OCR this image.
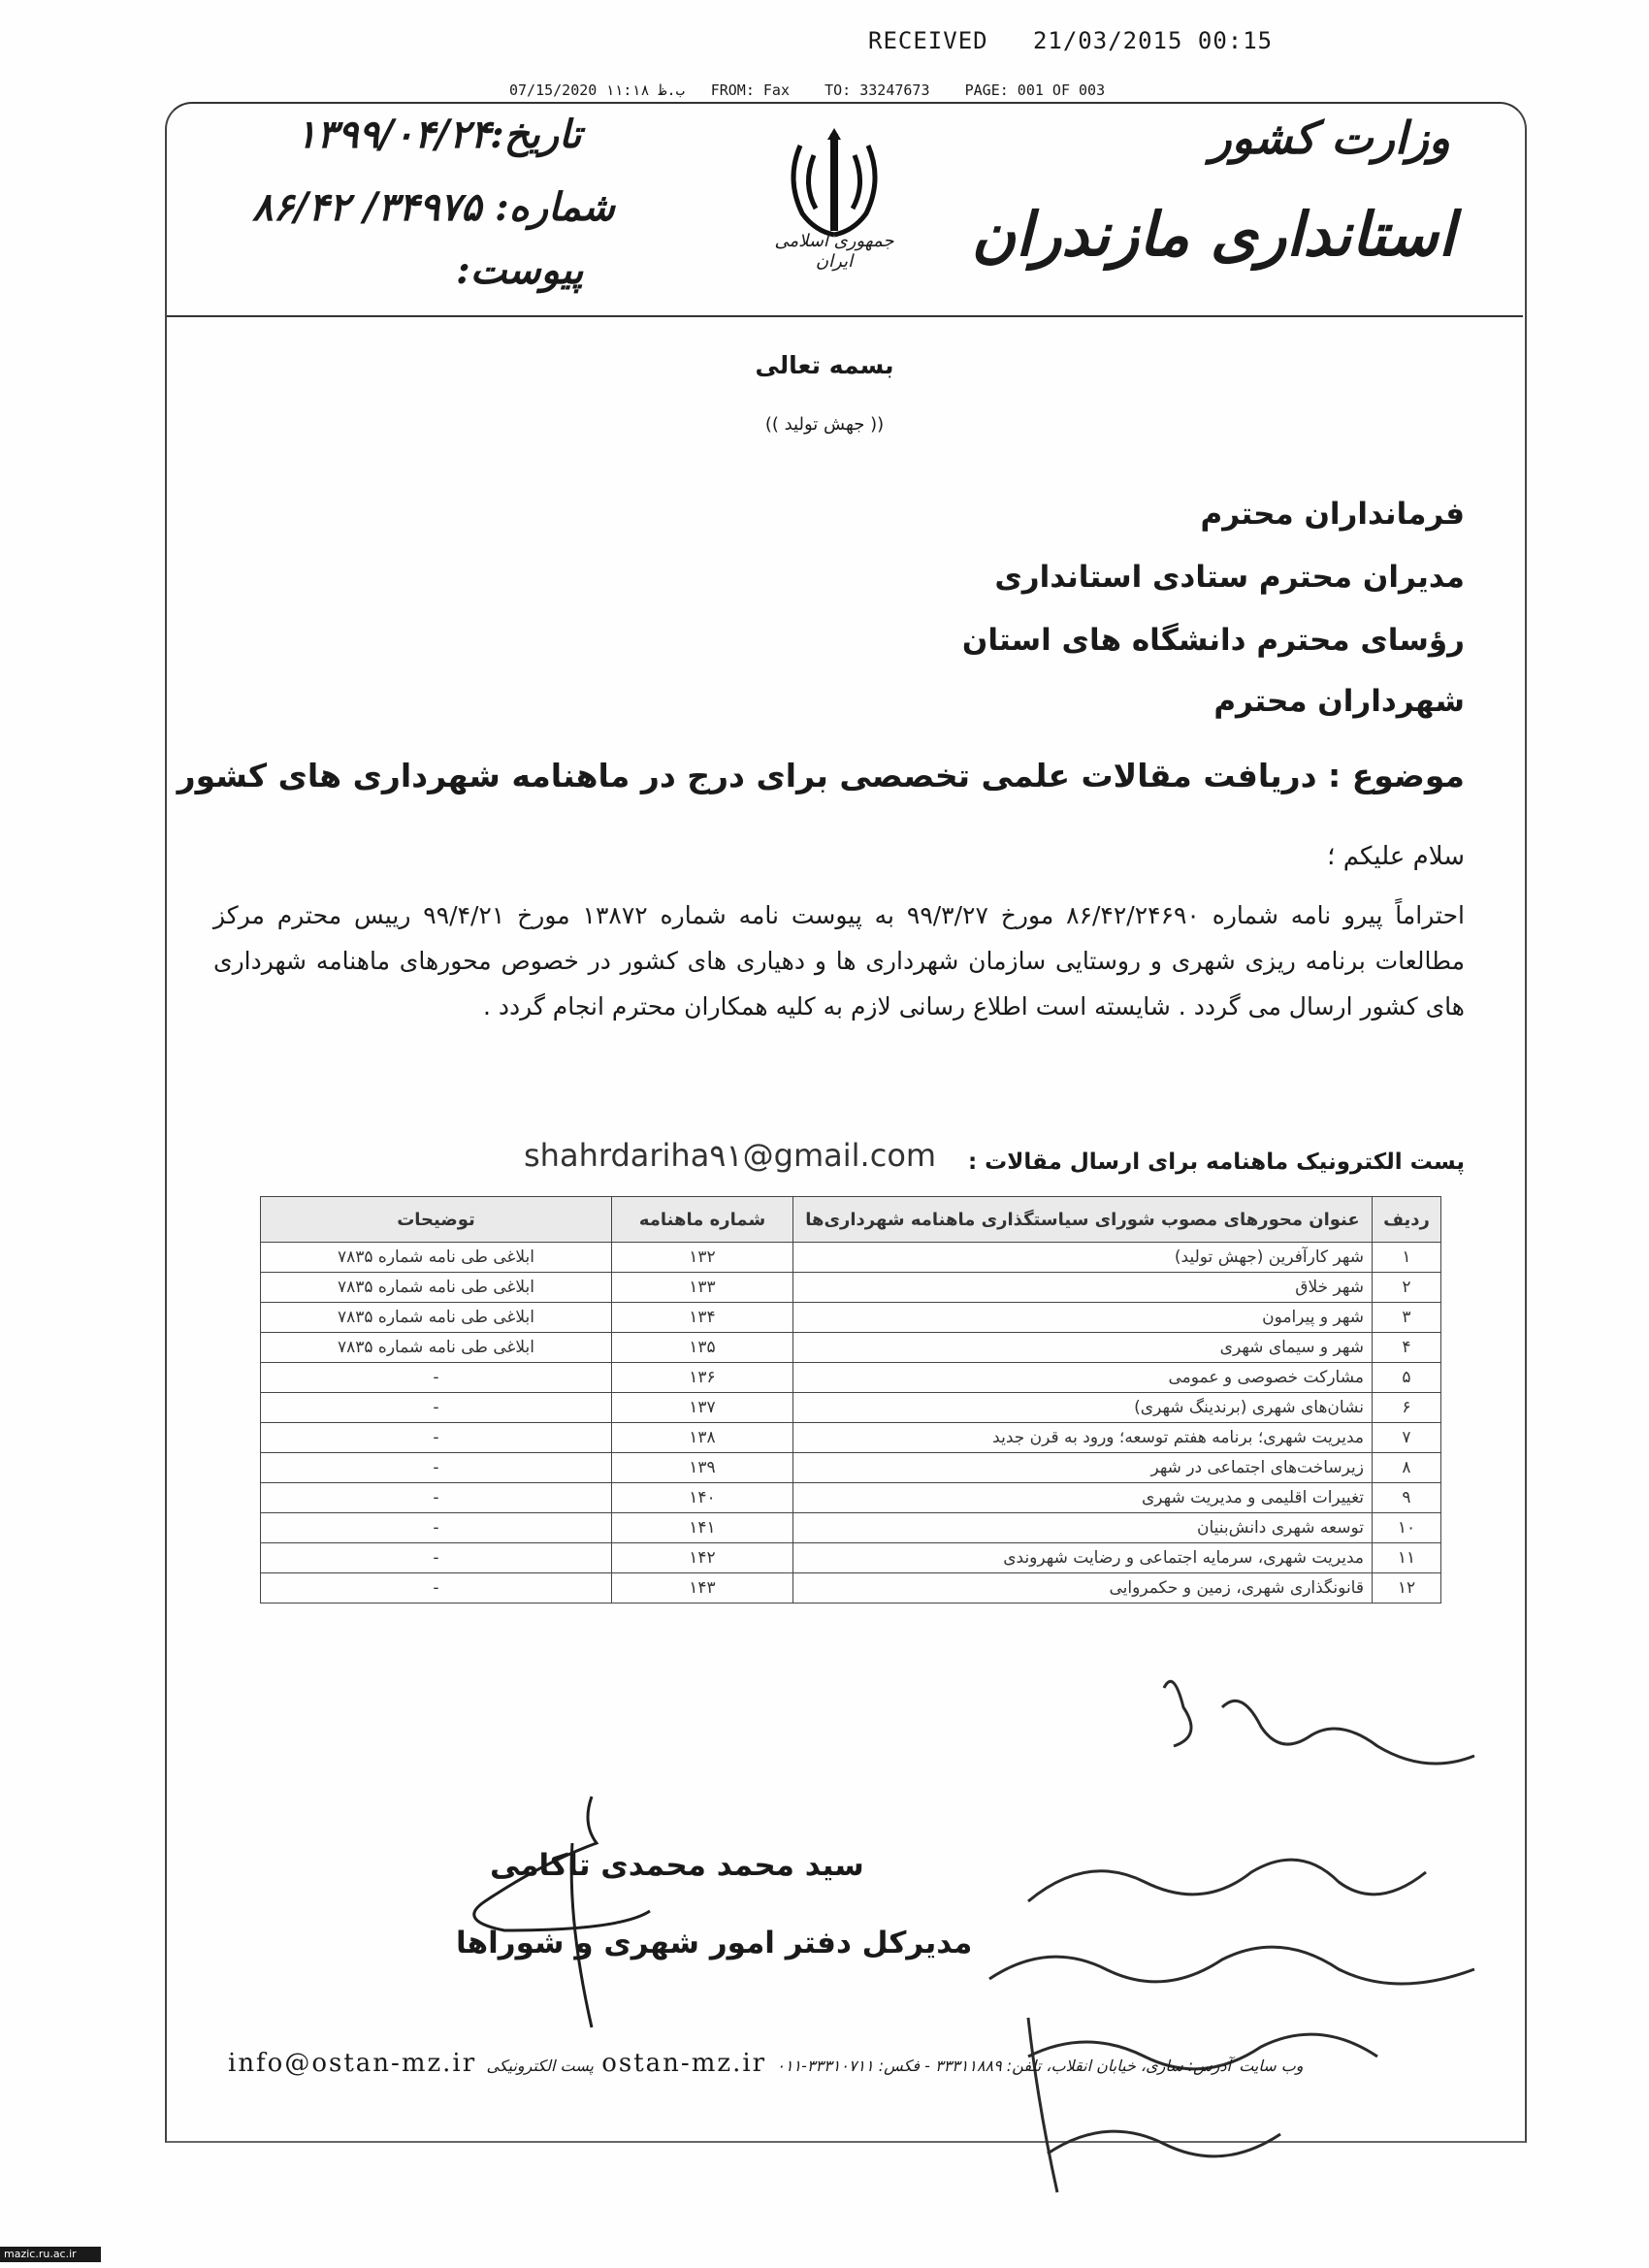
RECEIVED   21/03/2015 00:15
07/15/2020 ب.ظ ۱۱:۱۸   FROM: Fax    TO: 33247673    PAGE: 001 OF 003
وزارت کشور
استانداری مازندران
جمهوری اسلامی ایران
تاریخ:
۱۳۹۹/۰۴/۲۴
شماره:
۸۶/۴۲ /۳۴۹۷۵
پیوست:
بسمه تعالی
(( جهش تولید ))
فرمانداران محترم
مدیران محترم ستادی استانداری
رؤسای محترم دانشگاه های استان
شهرداران محترم
موضوع : دریافت مقالات علمی تخصصی برای درج در ماهنامه شهرداری های کشور
سلام علیکم ؛
احتراماً پیرو نامه شماره ۸۶/۴۲/۲۴۶۹۰ مورخ ۹۹/۳/۲۷ به پیوست نامه شماره ۱۳۸۷۲ مورخ ۹۹/۴/۲۱ رییس محترم مرکز مطالعات برنامه ریزی شهری و روستایی سازمان شهرداری ها و دهیاری های کشور در خصوص محورهای ماهنامه شهرداری های کشور ارسال می گردد . شایسته است اطلاع رسانی لازم به کلیه همکاران محترم انجام گردد .
پست الکترونیک ماهنامه برای ارسال مقالات :
shahrdariha۹۱@gmail.com
ردیف	عنوان محورهای مصوب شورای سیاستگذاری ماهنامه شهرداری‌ها	شماره ماهنامه	توضیحات
۱	شهر کارآفرین (جهش تولید)	۱۳۲	ابلاغی طی نامه شماره ۷۸۳۵
۲	شهر خلاق	۱۳۳	ابلاغی طی نامه شماره ۷۸۳۵
۳	شهر و پیرامون	۱۳۴	ابلاغی طی نامه شماره ۷۸۳۵
۴	شهر و سیمای شهری	۱۳۵	ابلاغی طی نامه شماره ۷۸۳۵
۵	مشارکت خصوصی و عمومی	۱۳۶	-
۶	نشان‌های شهری (برندینگ شهری)	۱۳۷	-
۷	مدیریت شهری؛ برنامه هفتم توسعه؛ ورود به قرن جدید	۱۳۸	-
۸	زیرساخت‌های اجتماعی در شهر	۱۳۹	-
۹	تغییرات اقلیمی و مدیریت شهری	۱۴۰	-
۱۰	توسعه شهری دانش‌بنیان	۱۴۱	-
۱۱	مدیریت شهری، سرمایه اجتماعی و رضایت شهروندی	۱۴۲	-
۱۲	قانونگذاری شهری، زمین و حکمروایی	۱۴۳	-
سید محمد محمدی تاکامی
مدیرکل دفتر امور شهری و شوراها
info@ostan-mz.ir پست الکترونیکی ostan-mz.ir	وب سایت آدرس: ساری، خیابان انقلاب، تلفن: ۳۳۳۱۱۸۸۹ - فکس: ۳۳۳۱۰۷۱۱-۰۱۱
mazic.ru.ac.ir
